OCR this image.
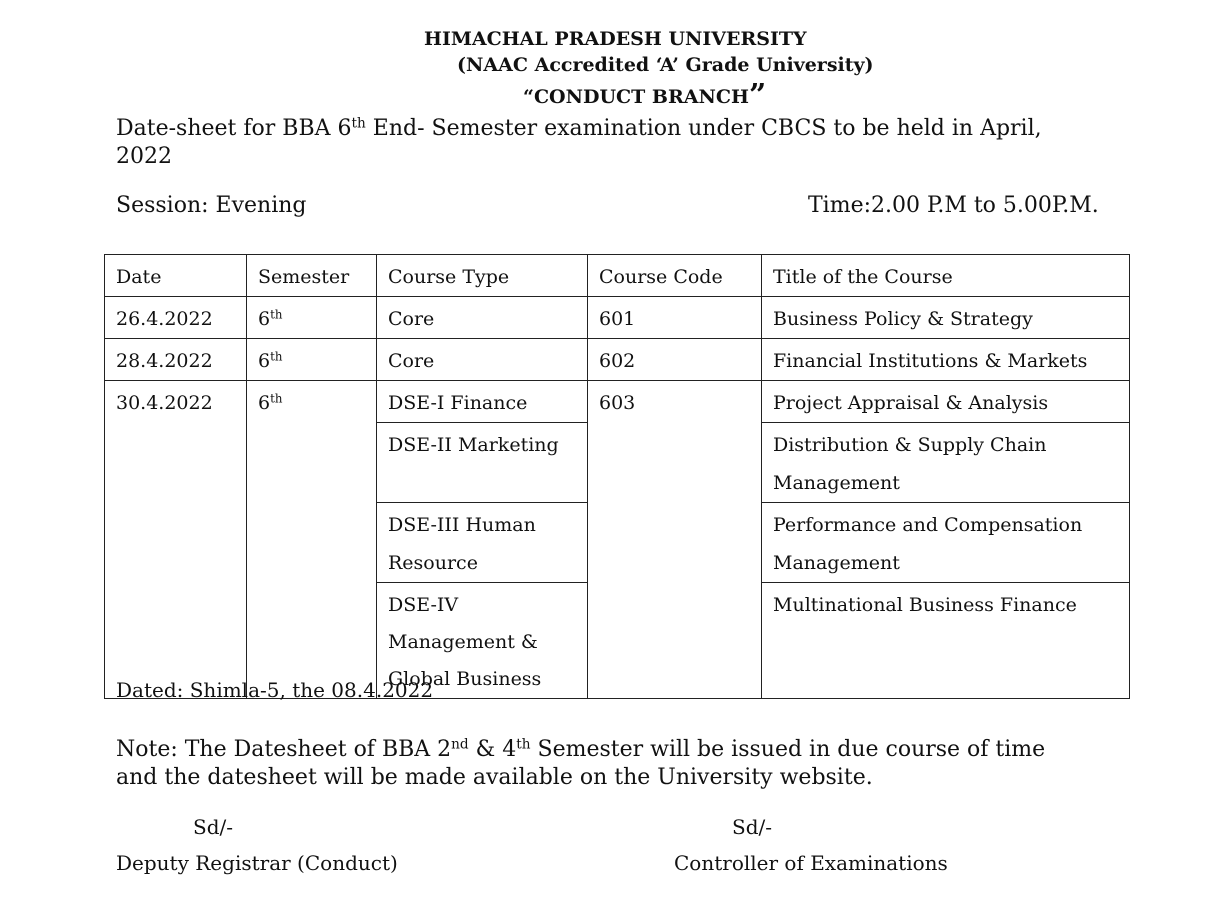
HIMACHAL PRADESH UNIVERSITY
(NAAC Accredited ‘A’ Grade University)
“CONDUCT BRANCH”
Date-sheet for BBA 6th End- Semester examination under CBCS to be held in April,
2022
Session: Evening	Time:2.00 P.M to 5.00P.M.
Date	Semester	Course Type	Course Code	Title of the Course
26.4.2022	6th	Core	601	Business Policy & Strategy
28.4.2022	6th	Core	602	Financial Institutions & Markets
30.4.2022	6th	DSE-I Finance	603	Project Appraisal & Analysis
		DSE-II Marketing		Distribution & Supply Chain Management
		DSE-III Human Resource		Performance and Compensation Management
		DSE-IV Management & Global Business		Multinational Business Finance
Dated: Shimla-5, the 08.4.2022
Note: The Datesheet of BBA 2nd & 4th Semester will be issued in due course of time
and the datesheet will be made available on the University website.
Sd/-
Deputy Registrar (Conduct)
Sd/-
Controller of Examinations
